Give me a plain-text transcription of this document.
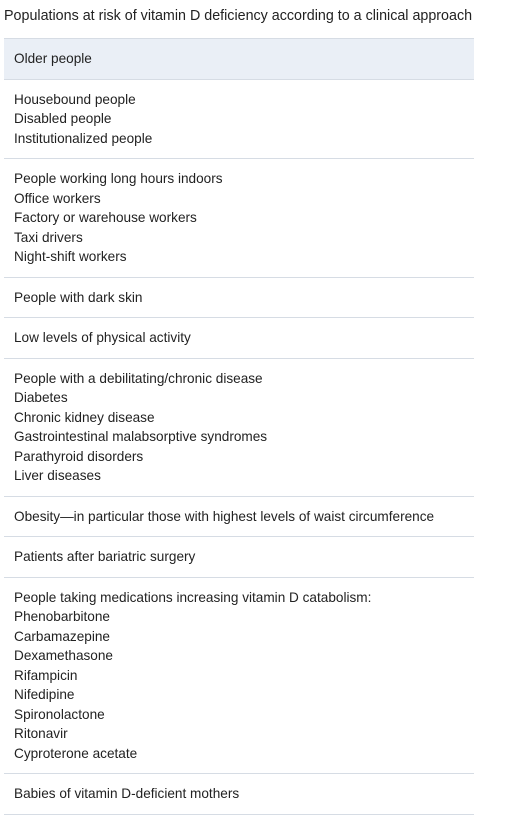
Populations at risk of vitamin D deficiency according to a clinical approach
Older people
Housebound people
Disabled people
Institutionalized people
People working long hours indoors
Office workers
Factory or warehouse workers
Taxi drivers
Night-shift workers
People with dark skin
Low levels of physical activity
People with a debilitating/chronic disease
Diabetes
Chronic kidney disease
Gastrointestinal malabsorptive syndromes
Parathyroid disorders
Liver diseases
Obesity—in particular those with highest levels of waist circumference
Patients after bariatric surgery
People taking medications increasing vitamin D catabolism:
Phenobarbitone
Carbamazepine
Dexamethasone
Rifampicin
Nifedipine
Spironolactone
Ritonavir
Cyproterone acetate
Babies of vitamin D-deficient mothers
